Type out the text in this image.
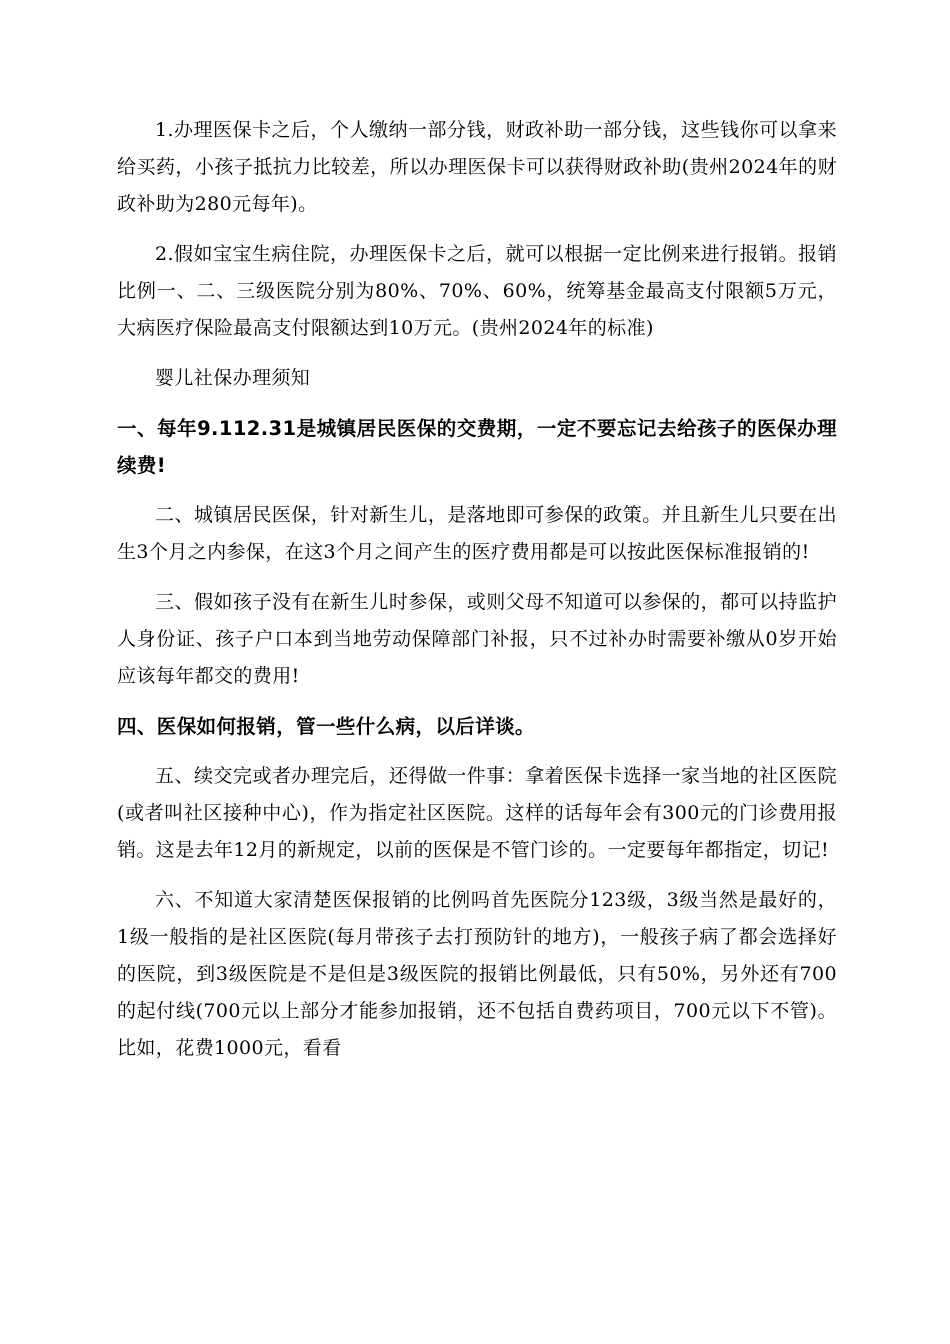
1.办理医保卡之后，个人缴纳一部分钱，财政补助一部分钱，这些钱你可以拿来给买药，小孩子抵抗力比较差，所以办理医保卡可以获得财政补助(贵州2024年的财政补助为280元每年)。

2.假如宝宝生病住院，办理医保卡之后，就可以根据一定比例来进行报销。报销比例一、二、三级医院分别为80%、70%、60%，统筹基金最高支付限额5万元，大病医疗保险最高支付限额达到10万元。(贵州2024年的标准)

婴儿社保办理须知

一、每年9.112.31是城镇居民医保的交费期，一定不要忘记去给孩子的医保办理续费!

二、城镇居民医保，针对新生儿，是落地即可参保的政策。并且新生儿只要在出生3个月之内参保，在这3个月之间产生的医疗费用都是可以按此医保标准报销的!

三、假如孩子没有在新生儿时参保，或则父母不知道可以参保的，都可以持监护人身份证、孩子户口本到当地劳动保障部门补报，只不过补办时需要补缴从0岁开始应该每年都交的费用!

四、医保如何报销，管一些什么病，以后详谈。

五、续交完或者办理完后，还得做一件事：拿着医保卡选择一家当地的社区医院(或者叫社区接种中心)，作为指定社区医院。这样的话每年会有300元的门诊费用报销。这是去年12月的新规定，以前的医保是不管门诊的。一定要每年都指定，切记!

六、不知道大家清楚医保报销的比例吗首先医院分123级，3级当然是最好的，1级一般指的是社区医院(每月带孩子去打预防针的地方)，一般孩子病了都会选择好的医院，到3级医院是不是但是3级医院的报销比例最低，只有50%，另外还有700的起付线(700元以上部分才能参加报销，还不包括自费药项目，700元以下不管)。比如，花费1000元，看看
